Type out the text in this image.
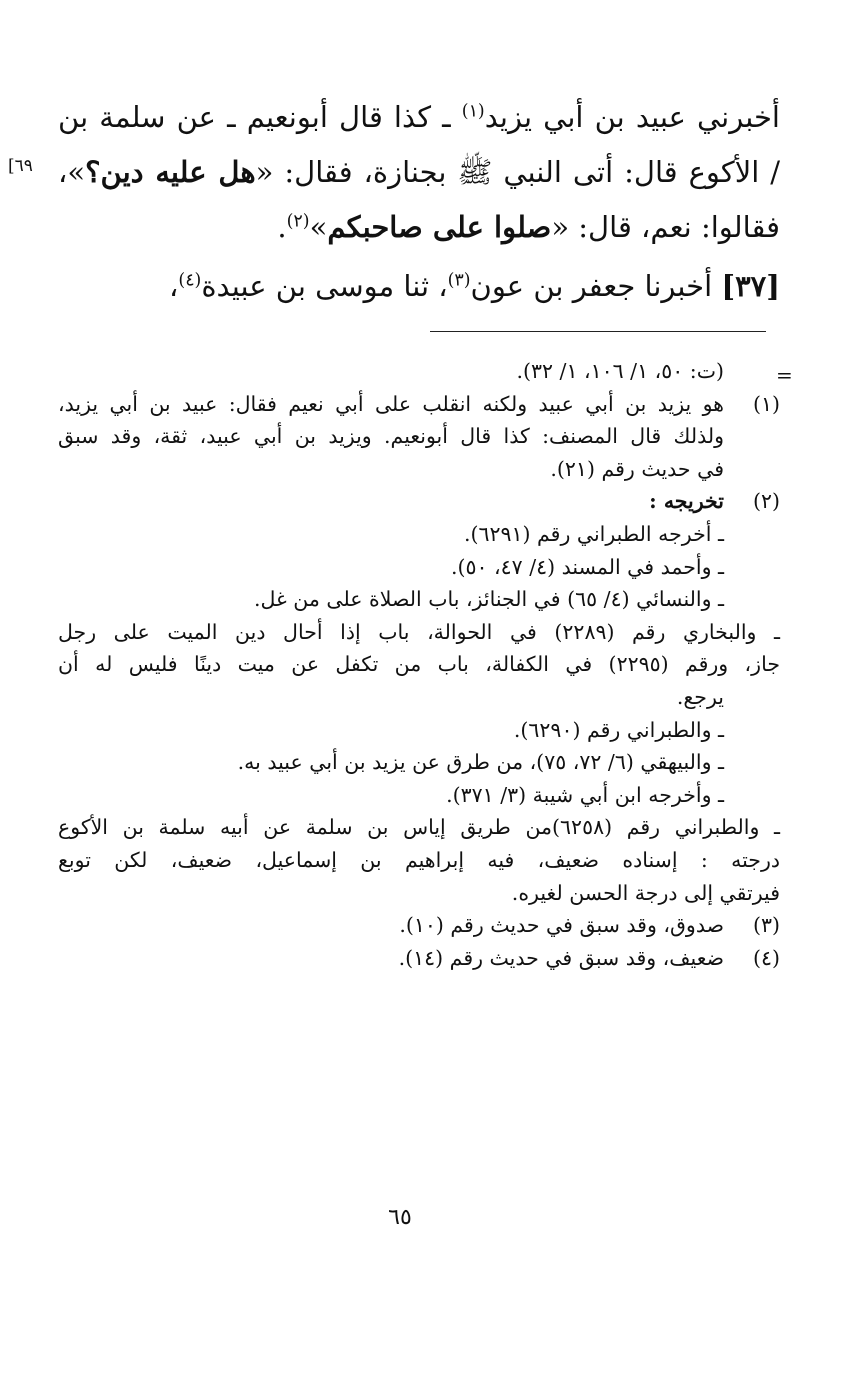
أخبرني عبيد بن أبي يزيد$^{(١)}$ ـ كذا قال أبونعيم ـ عن سلمة بن
/ الأكوع قال: أتى النبي ﷺ بجنازة، فقال: «هل عليه دين؟»،
فقالوا: نعم، قال: «صلوا على صاحبكم»$^{(٢)}$.
[٣٧] أخبرنا جعفر بن عون$^{(٣)}$، ثنا موسى بن عبيدة$^{(٤)}$،
٦٩]
=
(ت: ٥٠، ١/ ١٠٦، ١/ ٣٢).
(١)
هو يزيد بن أبي عبيد ولكنه انقلب على أبي نعيم فقال: عبيد بن أبي يزيد،
ولذلك قال المصنف: كذا قال أبونعيم. ويزيد بن أبي عبيد، ثقة، وقد سبق
في حديث رقم (٢١).
(٢)
تخريجه :
ـ أخرجه الطبراني رقم (٦٢٩١).
ـ وأحمد في المسند (٤/ ٤٧، ٥٠).
ـ والنسائي (٤/ ٦٥) في الجنائز، باب الصلاة على من غل.
ـ والبخاري رقم (٢٢٨٩) في الحوالة، باب إذا أحال دين الميت على رجل
جاز، ورقم (٢٢٩٥) في الكفالة، باب من تكفل عن ميت دينًا فليس له أن
يرجع.
ـ والطبراني رقم (٦٢٩٠).
ـ والبيهقي (٦/ ٧٢، ٧٥)، من طرق عن يزيد بن أبي عبيد به.
ـ وأخرجه ابن أبي شيبة (٣/ ٣٧١).
ـ والطبراني رقم (٦٢٥٨)من طريق إياس بن سلمة عن أبيه سلمة بن الأكوع
درجته : إسناده ضعيف، فيه إبراهيم بن إسماعيل، ضعيف، لكن توبع
فيرتقي إلى درجة الحسن لغيره.
(٣)
صدوق، وقد سبق في حديث رقم (١٠).
(٤)
ضعيف، وقد سبق في حديث رقم (١٤).
٦٥
